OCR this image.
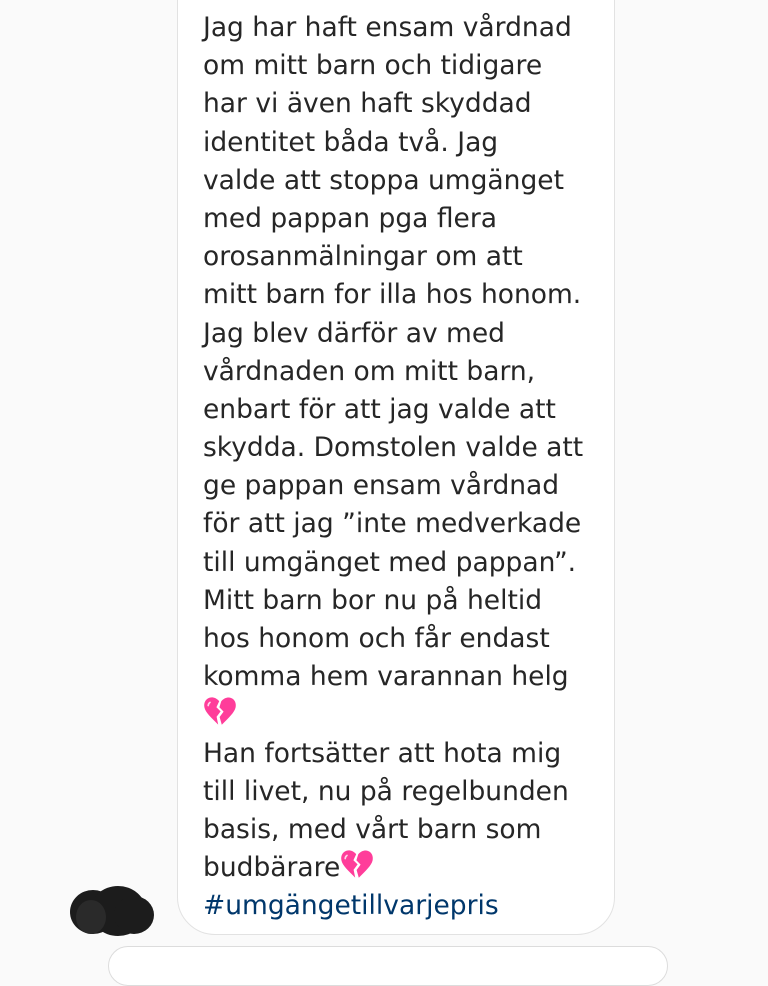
Jag har haft ensam vårdnad
om mitt barn och tidigare
har vi även haft skyddad
identitet båda två. Jag
valde att stoppa umgänget
med pappan pga flera
orosanmälningar om att
mitt barn for illa hos honom.
Jag blev därför av med
vårdnaden om mitt barn,
enbart för att jag valde att
skydda. Domstolen valde att
ge pappan ensam vårdnad
för att jag ”inte medverkade
till umgänget med pappan”.
Mitt barn bor nu på heltid
hos honom och får endast
komma hem varannan helg
Han fortsätter att hota mig
till livet, nu på regelbunden
basis, med vårt barn som
budbärare
#umgängetillvarjepris
